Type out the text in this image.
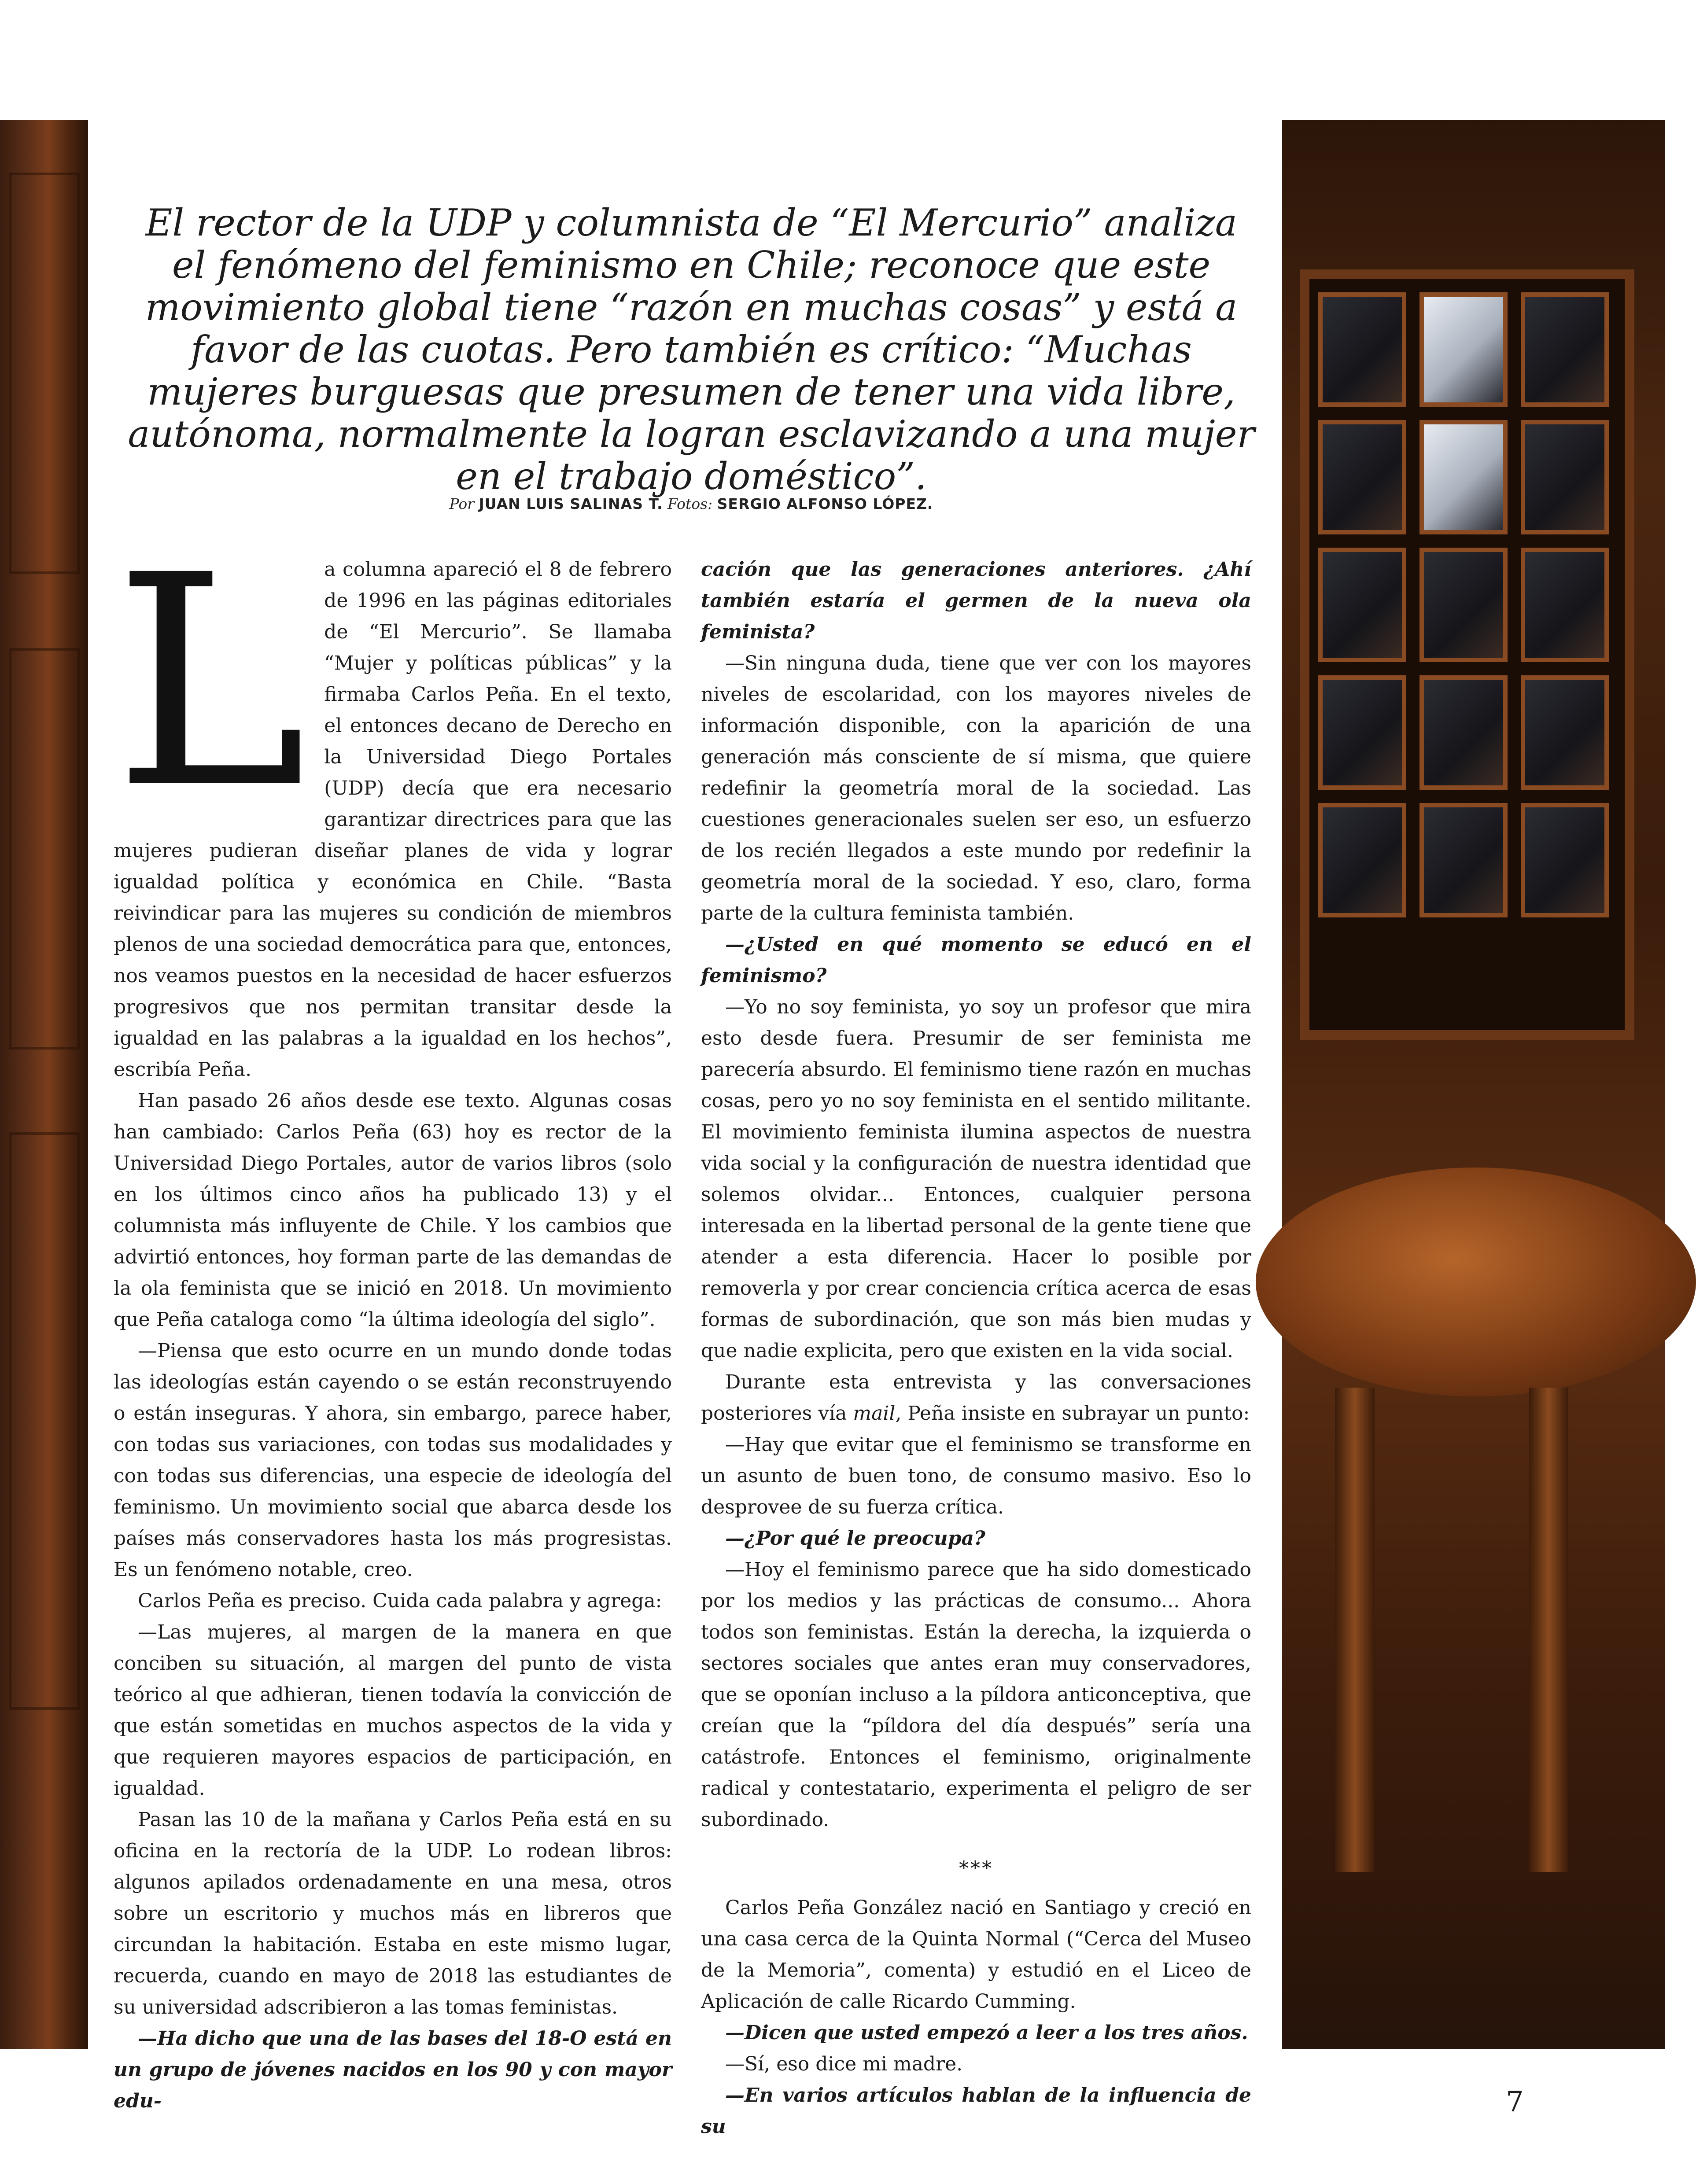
El rector de la UDP y columnista de “El Mercurio” analiza el fenómeno del feminismo en Chile; reconoce que este movimiento global tiene “razón en muchas cosas” y está a favor de las cuotas. Pero también es crítico: “Muchas mujeres burguesas que presumen de tener una vida libre, autónoma, normalmente la logran esclavizando a una mujer en el trabajo doméstico”.

Por JUAN LUIS SALINAS T. Fotos: SERGIO ALFONSO LÓPEZ.
L a columna apareció el 8 de febrero de 1996 en las páginas editoriales de “El Mercurio”. Se llamaba “Mujer y políticas públicas” y la firmaba Carlos Peña. En el texto, el entonces decano de Derecho en la Universidad Diego Portales (UDP) decía que era necesario garantizar directrices para que las mujeres pudieran diseñar planes de vida y lograr igualdad política y económica en Chile. “Basta reivindicar para las mujeres su condición de miembros plenos de una sociedad democrática para que, entonces, nos veamos puestos en la necesidad de hacer esfuerzos progresivos que nos permitan transitar desde la igualdad en las palabras a la igualdad en los hechos”, escribía Peña.

Han pasado 26 años desde ese texto. Algunas cosas han cambiado: Carlos Peña (63) hoy es rector de la Universidad Diego Portales, autor de varios libros (solo en los últimos cinco años ha publicado 13) y el columnista más influyente de Chile. Y los cambios que advirtió entonces, hoy forman parte de las demandas de la ola feminista que se inició en 2018. Un movimiento que Peña cataloga como “la última ideología del siglo”.

—Piensa que esto ocurre en un mundo donde todas las ideologías están cayendo o se están reconstruyendo o están inseguras. Y ahora, sin embargo, parece haber, con todas sus variaciones, con todas sus modalidades y con todas sus diferencias, una especie de ideología del feminismo. Un movimiento social que abarca desde los países más conservadores hasta los más progresistas. Es un fenómeno notable, creo.

Carlos Peña es preciso. Cuida cada palabra y agrega:

—Las mujeres, al margen de la manera en que conciben su situación, al margen del punto de vista teórico al que adhieran, tienen todavía la convicción de que están sometidas en muchos aspectos de la vida y que requieren mayores espacios de participación, en igualdad.

Pasan las 10 de la mañana y Carlos Peña está en su oficina en la rectoría de la UDP. Lo rodean libros: algunos apilados ordenadamente en una mesa, otros sobre un escritorio y muchos más en libreros que circundan la habitación. Estaba en este mismo lugar, recuerda, cuando en mayo de 2018 las estudiantes de su universidad adscribieron a las tomas feministas.

—Ha dicho que una de las bases del 18-O está en un grupo de jóvenes nacidos en los 90 y con mayor edu-

cación que las generaciones anteriores. ¿Ahí también estaría el germen de la nueva ola feminista?

—Sin ninguna duda, tiene que ver con los mayores niveles de escolaridad, con los mayores niveles de información disponible, con la aparición de una generación más consciente de sí misma, que quiere redefinir la geometría moral de la sociedad. Las cuestiones generacionales suelen ser eso, un esfuerzo de los recién llegados a este mundo por redefinir la geometría moral de la sociedad. Y eso, claro, forma parte de la cultura feminista también.

—¿Usted en qué momento se educó en el feminismo?

—Yo no soy feminista, yo soy un profesor que mira esto desde fuera. Presumir de ser feminista me parecería absurdo. El feminismo tiene razón en muchas cosas, pero yo no soy feminista en el sentido militante. El movimiento feminista ilumina aspectos de nuestra vida social y la configuración de nuestra identidad que solemos olvidar... Entonces, cualquier persona interesada en la libertad personal de la gente tiene que atender a esta diferencia. Hacer lo posible por removerla y por crear conciencia crítica acerca de esas formas de subordinación, que son más bien mudas y que nadie explicita, pero que existen en la vida social.

Durante esta entrevista y las conversaciones posteriores vía mail, Peña insiste en subrayar un punto:

—Hay que evitar que el feminismo se transforme en un asunto de buen tono, de consumo masivo. Eso lo desprovee de su fuerza crítica.

—¿Por qué le preocupa?

—Hoy el feminismo parece que ha sido domesticado por los medios y las prácticas de consumo... Ahora todos son feministas. Están la derecha, la izquierda o sectores sociales que antes eran muy conservadores, que se oponían incluso a la píldora anticonceptiva, que creían que la “píldora del día después” sería una catástrofe. Entonces el feminismo, originalmente radical y contestatario, experimenta el peligro de ser subordinado.

***

Carlos Peña González nació en Santiago y creció en una casa cerca de la Quinta Normal (“Cerca del Museo de la Memoria”, comenta) y estudió en el Liceo de Aplicación de calle Ricardo Cumming.

—Dicen que usted empezó a leer a los tres años.

—Sí, eso dice mi madre.

—En varios artículos hablan de la influencia de su

7
